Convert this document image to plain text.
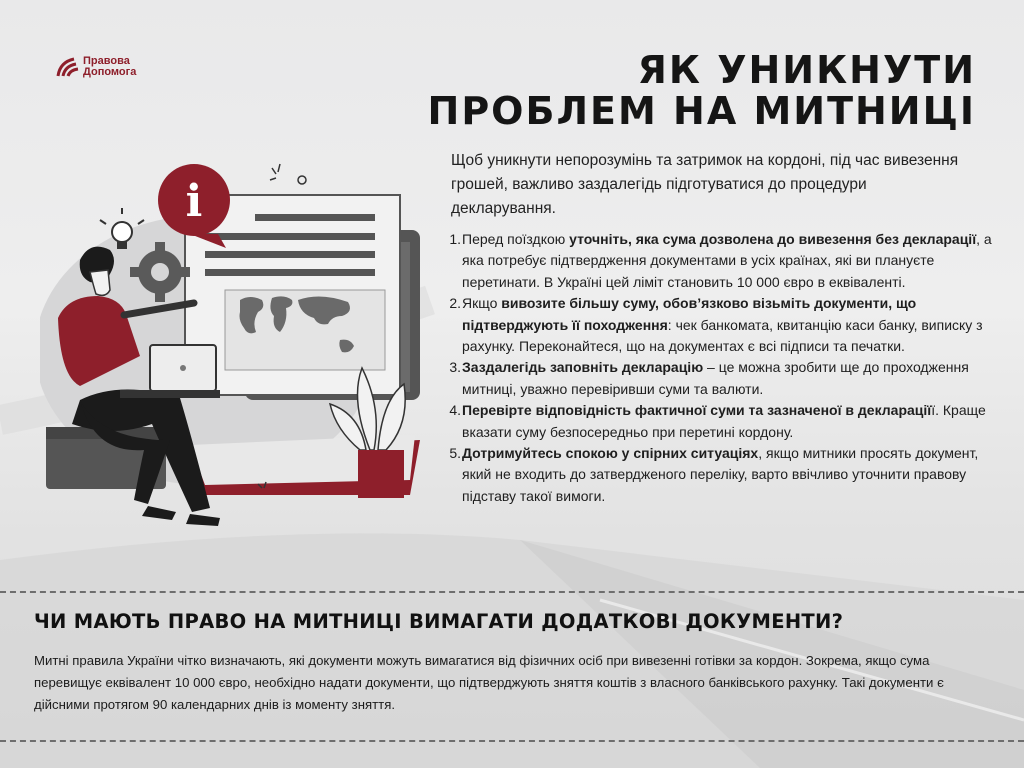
Правова
Допомога	ЯК УНИКНУТИ
ПРОБЛЕМ НА МИТНИЦІ
i
Щоб уникнути непорозумінь та затримок на кордоні, під час вивезення грошей, важливо заздалегідь підготуватися до процедури декларування.
1. Перед поїздкою уточніть, яка сума дозволена до вивезення без декларації, а яка потребує підтвердження документами в усіх країнах, які ви плануєте перетинати. В Україні цей ліміт становить 10 000 євро в еквіваленті.
2. Якщо вивозите більшу суму, обов’язково візьміть документи, що підтверджують її походження: чек банкомата, квитанцію каси банку, виписку з рахунку. Переконайтеся, що на документах є всі підписи та печатки.
3. Заздалегідь заповніть декларацію – це можна зробити ще до проходження митниці, уважно перевіривши суми та валюти.
4. Перевірте відповідність фактичної суми та зазначеної в деклараціїї. Краще вказати суму безпосередньо при перетині кордону.
5. Дотримуйтесь спокою у спірних ситуаціях, якщо митники просять документ, який не входить до затвердженого переліку, варто ввічливо уточнити правову підставу такої вимоги.
ЧИ МАЮТЬ ПРАВО НА МИТНИЦІ ВИМАГАТИ ДОДАТКОВІ ДОКУМЕНТИ?
Митні правила України чітко визначають, які документи можуть вимагатися від фізичних осіб при вивезенні готівки за кордон. Зокрема, якщо сума перевищує еквівалент 10 000 євро, необхідно надати документи, що підтверджують зняття коштів з власного банківського рахунку. Такі документи є дійсними протягом 90 календарних днів із моменту зняття.
